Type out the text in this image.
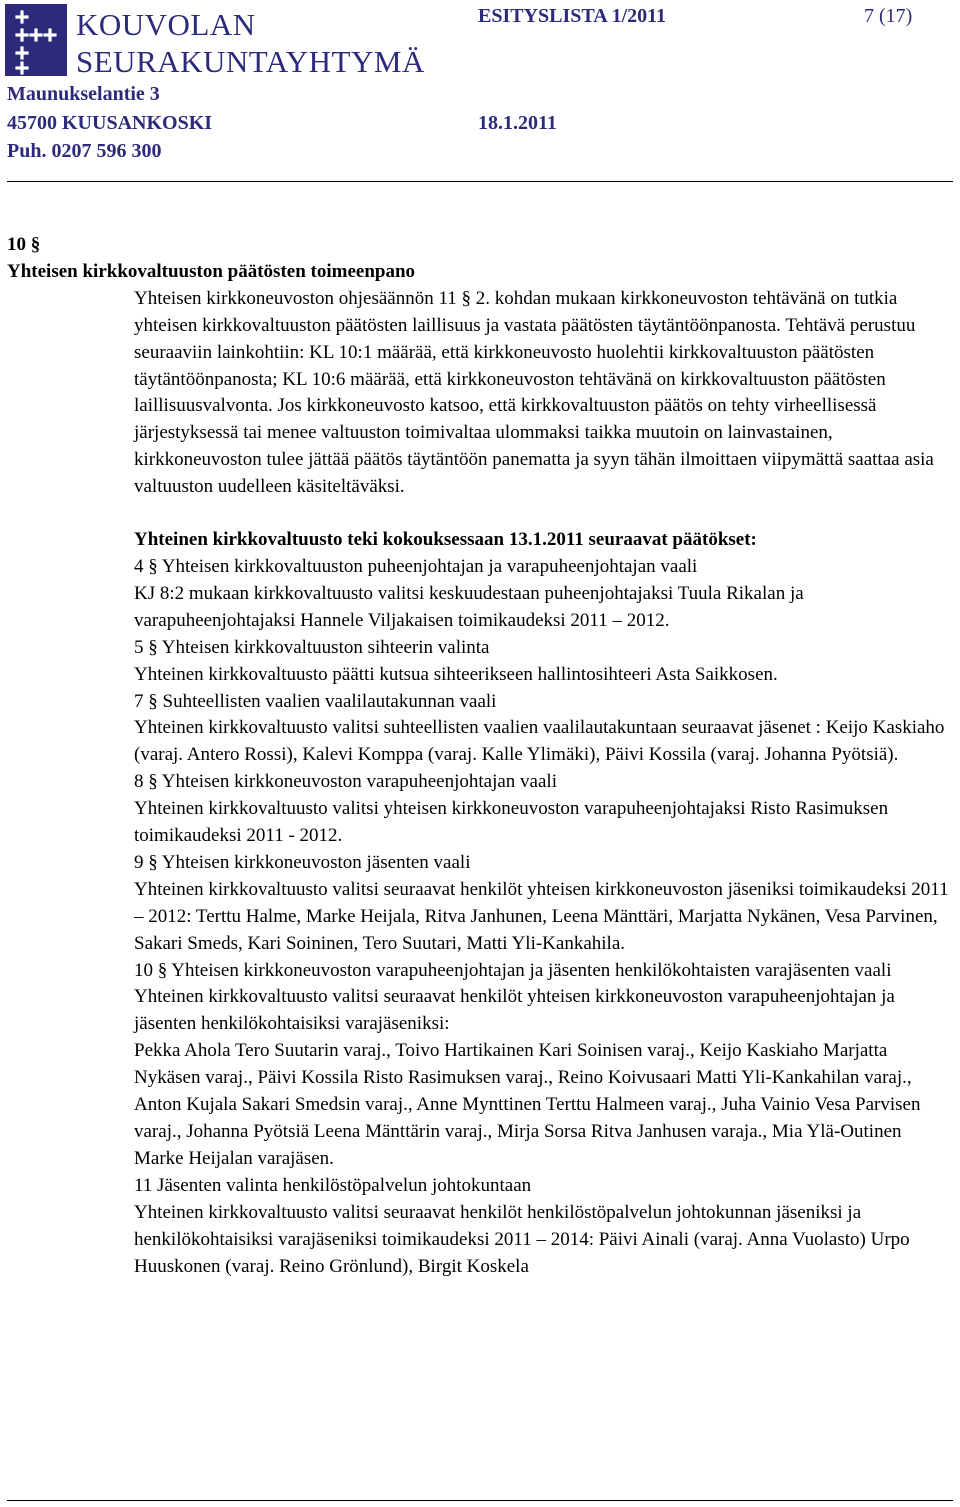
KOUVOLAN
SEURAKUNTAYHTYMÄ
ESITYSLISTA 1/2011	7 (17)
Maunukselantie 3
45700 KUUSANKOSKI
Puh. 0207 596 300
18.1.2011
10 §
Yhteisen kirkkovaltuuston päätösten toimeenpano

Yhteisen kirkkoneuvoston ohjesäännön 11 § 2. kohdan mukaan kirkkoneuvoston tehtävänä on tutkia yhteisen kirkkovaltuuston päätösten laillisuus ja vastata päätösten täytäntöönpanosta. Tehtävä perustuu seuraaviin lainkohtiin: KL 10:1 määrää, että kirkkoneuvosto huolehtii kirkkovaltuuston päätösten täytäntöönpanosta; KL 10:6 määrää, että kirkkoneuvoston tehtävänä on kirkkovaltuuston päätösten laillisuusvalvonta. Jos kirkkoneuvosto katsoo, että kirkkovaltuuston päätös on tehty virheellisessä järjestyksessä tai menee valtuuston toimivaltaa ulommaksi taikka muutoin on lainvastainen, kirkkoneuvoston tulee jättää päätös täytäntöön panematta ja syyn tähän ilmoittaen viipymättä saattaa asia valtuuston uudelleen käsiteltäväksi.

Yhteinen kirkkovaltuusto teki kokouksessaan 13.1.2011 seuraavat päätökset:

4 § Yhteisen kirkkovaltuuston puheenjohtajan ja varapuheenjohtajan vaali

KJ 8:2 mukaan kirkkovaltuusto valitsi keskuudestaan puheenjohtajaksi Tuula Rikalan ja varapuheenjohtajaksi Hannele Viljakaisen toimikaudeksi 2011 – 2012.

5 § Yhteisen kirkkovaltuuston sihteerin valinta

Yhteinen kirkkovaltuusto päätti kutsua sihteerikseen hallintosihteeri Asta Saikkosen.

7 § Suhteellisten vaalien vaalilautakunnan vaali

Yhteinen kirkkovaltuusto valitsi suhteellisten vaalien vaalilautakuntaan seuraavat jäsenet : Keijo Kaskiaho (varaj. Antero Rossi), Kalevi Komppa (varaj. Kalle Ylimäki), Päivi Kossila (varaj. Johanna Pyötsiä).

8 § Yhteisen kirkkoneuvoston varapuheenjohtajan vaali

Yhteinen kirkkovaltuusto valitsi yhteisen kirkkoneuvoston varapuheenjohtajaksi Risto Rasimuksen toimikaudeksi 2011 - 2012.

9 § Yhteisen kirkkoneuvoston jäsenten vaali

Yhteinen kirkkovaltuusto valitsi seuraavat henkilöt yhteisen kirkkoneuvoston jäseniksi toimikaudeksi 2011 – 2012: Terttu Halme, Marke Heijala, Ritva Janhunen, Leena Mänttäri, Marjatta Nykänen, Vesa Parvinen, Sakari Smeds, Kari Soininen, Tero Suutari, Matti Yli-Kankahila.

10 § Yhteisen kirkkoneuvoston varapuheenjohtajan ja jäsenten henkilökohtaisten varajäsenten vaali

Yhteinen kirkkovaltuusto valitsi seuraavat henkilöt yhteisen kirkkoneuvoston varapuheenjohtajan ja jäsenten henkilökohtaisiksi varajäseniksi:

Pekka Ahola Tero Suutarin varaj., Toivo Hartikainen Kari Soinisen varaj., Keijo Kaskiaho Marjatta Nykäsen varaj., Päivi Kossila Risto Rasimuksen varaj., Reino Koivusaari Matti Yli-Kankahilan varaj., Anton Kujala Sakari Smedsin varaj., Anne Mynttinen Terttu Halmeen varaj., Juha Vainio Vesa Parvisen varaj., Johanna Pyötsiä Leena Mänttärin varaj., Mirja Sorsa Ritva Janhusen varaja., Mia Ylä-Outinen Marke Heijalan varajäsen.

11 Jäsenten valinta henkilöstöpalvelun johtokuntaan

Yhteinen kirkkovaltuusto valitsi seuraavat henkilöt henkilöstöpalvelun johtokunnan jäseniksi ja henkilökohtaisiksi varajäseniksi toimikaudeksi 2011 – 2014: Päivi Ainali (varaj. Anna Vuolasto) Urpo Huuskonen (varaj. Reino Grönlund), Birgit Koskela
